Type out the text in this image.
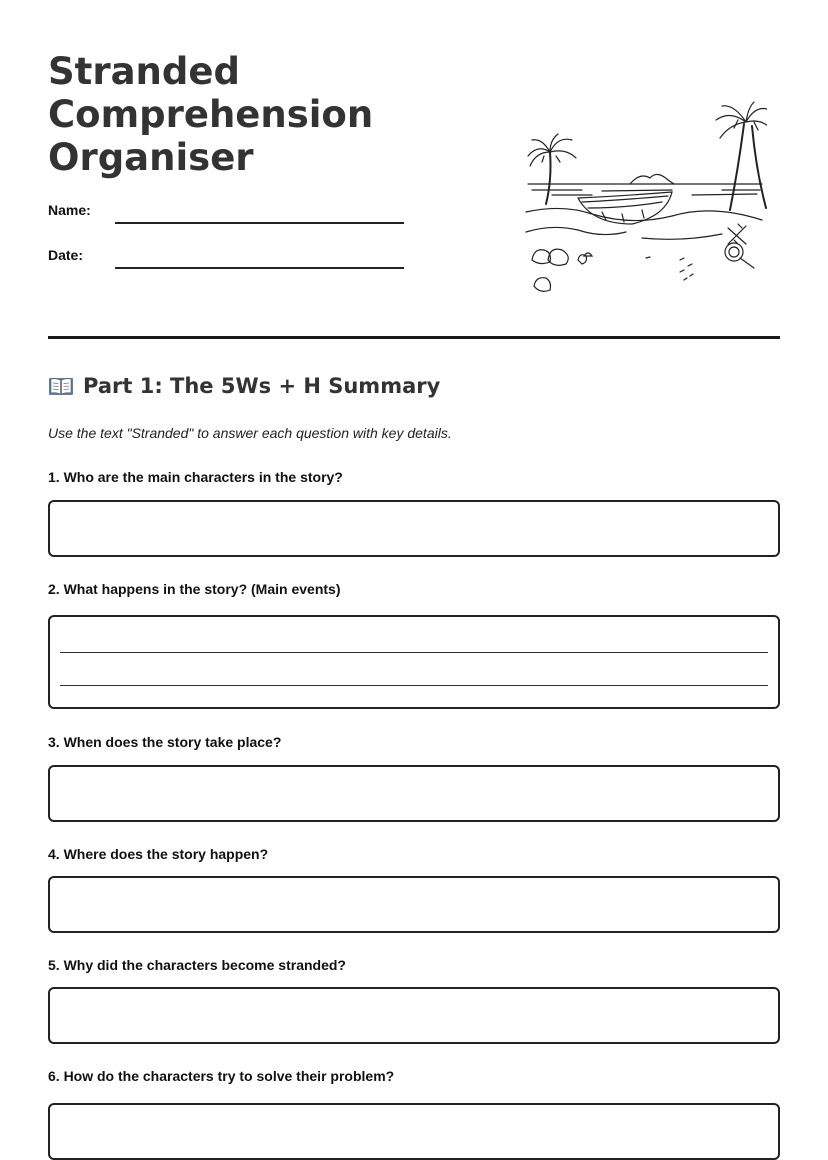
Stranded
Comprehension
Organiser
Name:
Date:
Part 1: The 5Ws + H Summary

Use the text "Stranded" to answer each question with key details.

1. Who are the main characters in the story?

2. What happens in the story? (Main events)

3. When does the story take place?

4. Where does the story happen?

5. Why did the characters become stranded?

6. How do the characters try to solve their problem?
